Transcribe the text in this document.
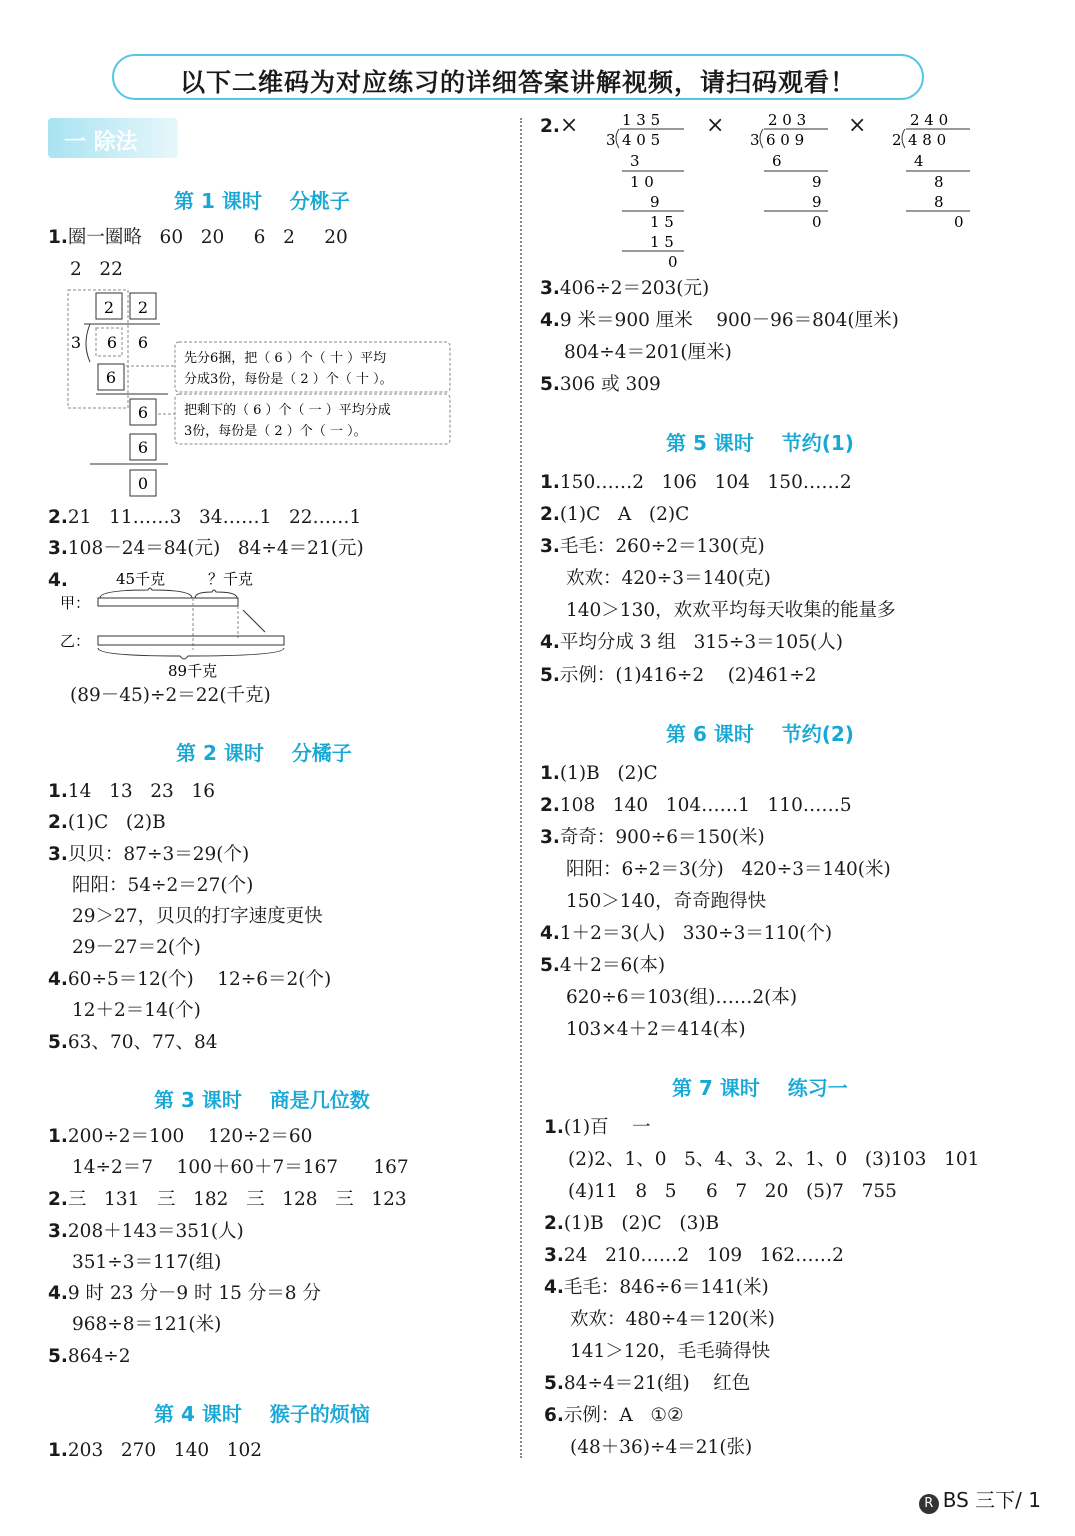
以下二维码为对应练习的详细答案讲解视频，请扫码观看！
一 除法
第 1 课时    分桃子
1.圈一圈略   60   20     6   2     20
2   22
2 2
3 6 6
6
6
6
0
先分6捆，把（ 6 ）个（ 十 ）平均
分成3份，每份是（ 2 ）个（ 十 ）。
把剩下的（ 6 ）个（ 一 ）平均分成
3份，每份是（ 2 ）个（ 一 ）。
2.21   11……3   34……1   22……1
3.108－24＝84(元)   84÷4＝21(元)
4.	45千克	？千克
甲：
乙：
89千克
(89－45)÷2＝22(千克)
第 2 课时    分橘子
1.14   13   23   16
2.(1)C   (2)B
3.贝贝：87÷3＝29(个)
阳阳：54÷2＝27(个)
29＞27，贝贝的打字速度更快
29－27＝2(个)
4.60÷5＝12(个)    12÷6＝2(个)
12＋2＝14(个)
5.63、70、77、84
第 3 课时    商是几位数
1.200÷2＝100    120÷2＝60
14÷2＝7    100＋60＋7＝167      167
2.三   131   三   182   三   128   三   123
3.208＋143＝351(人)
351÷3＝117(组)
4.9 时 23 分－9 时 15 分＝8 分
968÷8＝121(米)
5.864÷2
第 4 课时    猴子的烦恼
1.203   270   140   102
2.×	×	×
1 3 5
3 4 0 5
3
1 0
9
1 5
1 5
0
2 0 3
3 6 0 9
6
9
9
0
2 4 0
2 4 8 0
4
8
8
0
3.406÷2＝203(元)
4.9 米＝900 厘米    900－96＝804(厘米)
804÷4＝201(厘米)
5.306 或 309
第 5 课时    节约(1)
1.150……2   106   104   150……2
2.(1)C   A   (2)C
3.毛毛：260÷2＝130(克)
欢欢：420÷3＝140(克)
140＞130，欢欢平均每天收集的能量多
4.平均分成 3 组   315÷3＝105(人)
5.示例：(1)416÷2    (2)461÷2
第 6 课时    节约(2)
1.(1)B   (2)C
2.108   140   104……1   110……5
3.奇奇：900÷6＝150(米)
阳阳：6÷2＝3(分)   420÷3＝140(米)
150＞140，奇奇跑得快
4.1＋2＝3(人)   330÷3＝110(个)
5.4＋2＝6(本)
620÷6＝103(组)……2(本)
103×4＋2＝414(本)
第 7 课时    练习一
1.(1)百    一
(2)2、1、0   5、4、3、2、1、0   (3)103   101
(4)11   8   5     6   7   20   (5)7   755
2.(1)B   (2)C   (3)B
3.24   210……2   109   162……2
4.毛毛：846÷6＝141(米)
欢欢：480÷4＝120(米)
141＞120，毛毛骑得快
5.84÷4＝21(组)    红色
6.示例：A   ①②
(48＋36)÷4＝21(张)
R BS 三下/ 1
